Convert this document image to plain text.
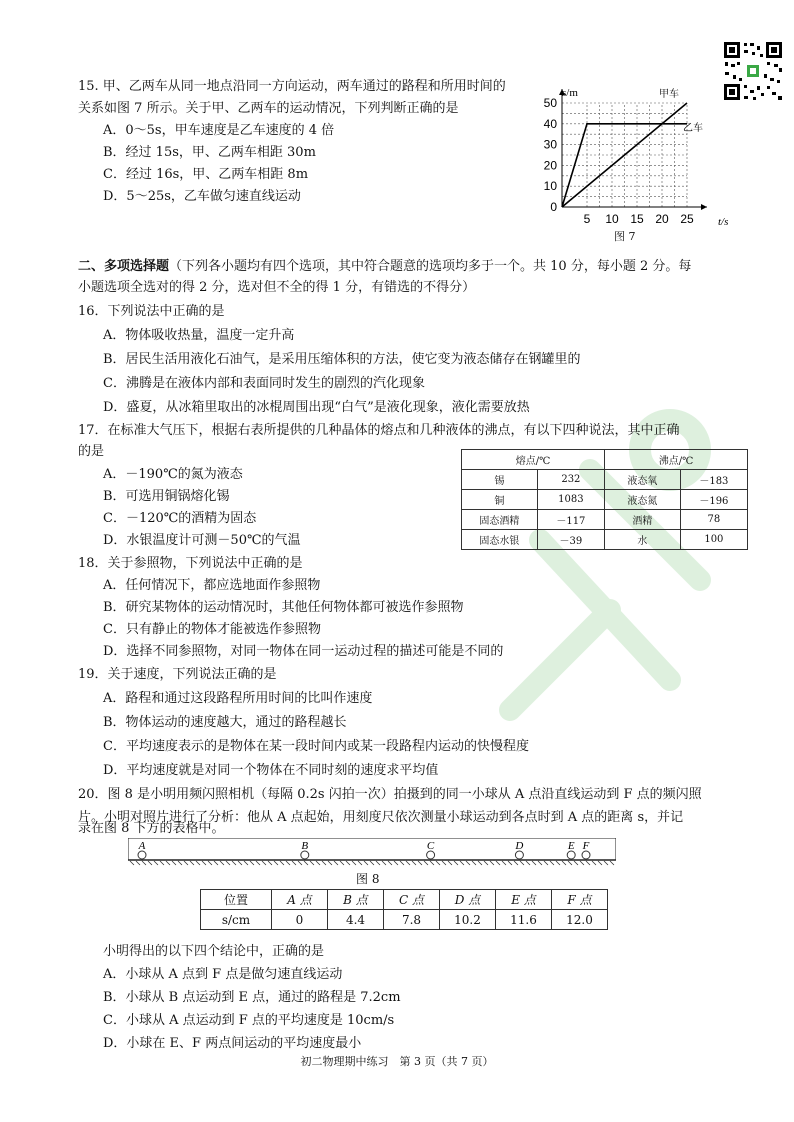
15. 甲、乙两车从同一地点沿同一方向运动，两车通过的路程和所用时间的
关系如图 7 所示。关于甲、乙两车的运动情况，下列判断正确的是
A．0～5s，甲车速度是乙车速度的 4 倍
B．经过 15s，甲、乙两车相距 30m
C．经过 16s，甲、乙两车相距 8m
D．5～25s，乙车做匀速直线运动
50
40
30
20
10
0
5 10 15 20 25
s/m
t/s
甲车
乙车
图 7
二、多项选择题（下列各小题均有四个选项，其中符合题意的选项均多于一个。共 10 分，每小题 2 分。每
小题选项全选对的得 2 分，选对但不全的得 1 分，有错选的不得分）
16．下列说法中正确的是
A．物体吸收热量，温度一定升高
B．居民生活用液化石油气，是采用压缩体积的方法，使它变为液态储存在钢罐里的
C．沸腾是在液体内部和表面同时发生的剧烈的汽化现象
D．盛夏，从冰箱里取出的冰棍周围出现“白气”是液化现象，液化需要放热
17．在标准大气压下，根据右表所提供的几种晶体的熔点和几种液体的沸点，有以下四种说法，其中正确
的是
A．－190℃的氮为液态
B．可选用铜锅熔化锡
C．－120℃的酒精为固态
D．水银温度计可测－50℃的气温
熔点/℃		沸点/℃	
锡	232	液态氧	－183
铜	1083	液态氮	－196
固态酒精	－117	酒精	78
固态水银	－39	水	100
18．关于参照物，下列说法中正确的是
A．任何情况下，都应选地面作参照物
B．研究某物体的运动情况时，其他任何物体都可被选作参照物
C．只有静止的物体才能被选作参照物
D．选择不同参照物，对同一物体在同一运动过程的描述可能是不同的
19．关于速度，下列说法正确的是
A．路程和通过这段路程所用时间的比叫作速度
B．物体运动的速度越大，通过的路程越长
C．平均速度表示的是物体在某一段时间内或某一段路程内运动的快慢程度
D．平均速度就是对同一个物体在不同时刻的速度求平均值
20．图 8 是小明用频闪照相机（每隔 0.2s 闪拍一次）拍摄到的同一小球从 A 点沿直线运动到 F 点的频闪照
片。小明对照片进行了分析：他从 A 点起始，用刻度尺依次测量小球运动到各点时到 A 点的距离 s，并记
A	B	C	D	E F
图 8
位置	A 点	B 点	C 点	D 点	E 点	F 点
s/cm	0	4.4	7.8	10.2	11.6	12.0
小明得出的以下四个结论中，正确的是
A．小球从 A 点到 F 点是做匀速直线运动
B．小球从 B 点运动到 E 点，通过的路程是 7.2cm
C．小球从 A 点运动到 F 点的平均速度是 10cm/s
D．小球在 E、F 两点间运动的平均速度最小
初二物理期中练习　第 3 页（共 7 页）
录在图 8 下方的表格中。
